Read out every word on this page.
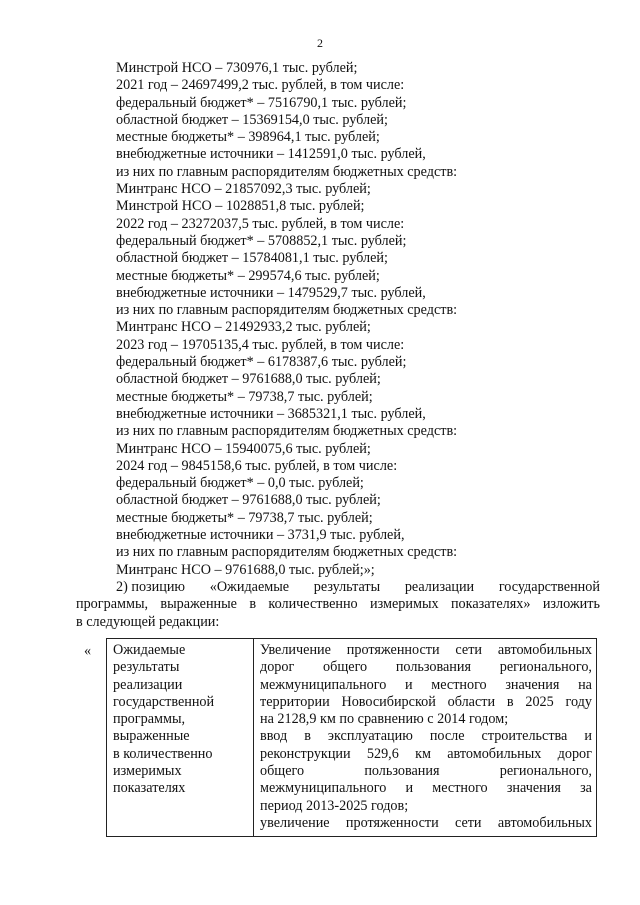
2
Минстрой НСО – 730976,1 тыс. рублей;
2021 год – 24697499,2 тыс. рублей, в том числе:
федеральный бюджет* – 7516790,1 тыс. рублей;
областной бюджет – 15369154,0 тыс. рублей;
местные бюджеты* – 398964,1 тыс. рублей;
внебюджетные источники – 1412591,0 тыс. рублей,
из них по главным распорядителям бюджетных средств:
Минтранс НСО – 21857092,3 тыс. рублей;
Минстрой НСО – 1028851,8 тыс. рублей;
2022 год – 23272037,5 тыс. рублей, в том числе:
федеральный бюджет* – 5708852,1 тыс. рублей;
областной бюджет – 15784081,1 тыс. рублей;
местные бюджеты* – 299574,6 тыс. рублей;
внебюджетные источники – 1479529,7 тыс. рублей,
из них по главным распорядителям бюджетных средств:
Минтранс НСО – 21492933,2 тыс. рублей;
2023 год – 19705135,4 тыс. рублей, в том числе:
федеральный бюджет* – 6178387,6 тыс. рублей;
областной бюджет – 9761688,0 тыс. рублей;
местные бюджеты* – 79738,7 тыс. рублей;
внебюджетные источники – 3685321,1 тыс. рублей,
из них по главным распорядителям бюджетных средств:
Минтранс НСО – 15940075,6 тыс. рублей;
2024 год – 9845158,6 тыс. рублей, в том числе:
федеральный бюджет* – 0,0 тыс. рублей;
областной бюджет – 9761688,0 тыс. рублей;
местные бюджеты* – 79738,7 тыс. рублей;
внебюджетные источники – 3731,9 тыс. рублей,
из них по главным распорядителям бюджетных средств:
Минтранс НСО – 9761688,0 тыс. рублей;»;
2) позицию «Ожидаемые результаты реализации государственной
программы, выраженные в количественно измеримых показателях» изложить
в следующей редакции:
« Ожидаемые
результаты
реализации
государственной
программы,
выраженные
в количественно
измеримых
показателях

Увеличение протяженности сети автомобильных
дорог общего пользования регионального,
межмуниципального и местного значения на
территории Новосибирской области в 2025 году
на 2128,9 км по сравнению с 2014 годом;
ввод в эксплуатацию после строительства и
реконструкции 529,6 км автомобильных дорог
общего	пользования	регионального,
межмуниципального и местного значения за
период 2013-2025 годов;
увеличение протяженности сети автомобильных
